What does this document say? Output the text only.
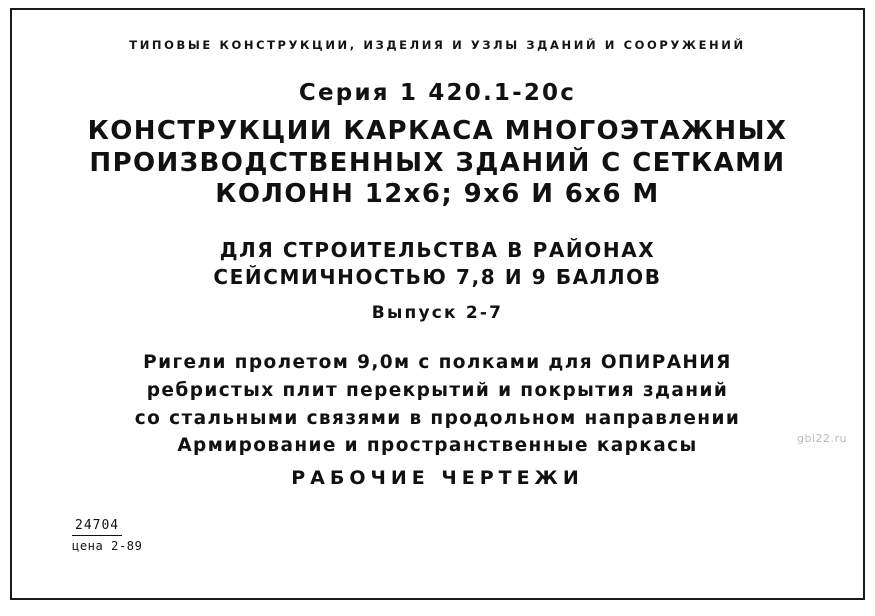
ТИПОВЫЕ КОНСТРУКЦИИ, ИЗДЕЛИЯ И УЗЛЫ ЗДАНИЙ И СООРУЖЕНИЙ
Серия 1 420.1-20с
КОНСТРУКЦИИ КАРКАСА МНОГОЭТАЖНЫХ
ПРОИЗВОДСТВЕННЫХ ЗДАНИЙ С СЕТКАМИ
КОЛОНН 12х6; 9х6 И 6х6 М
ДЛЯ СТРОИТЕЛЬСТВА В РАЙОНАХ
СЕЙСМИЧНОСТЬЮ 7,8 И 9 БАЛЛОВ
Выпуск 2-7
Ригели пролетом 9,0м с полками для ОПИРАНИЯ
ребристых плит перекрытий и покрытия зданий
со стальными связями в продольном направлении
Армирование и пространственные каркасы
РАБОЧИЕ ЧЕРТЕЖИ
24704
цена 2-89
gbi22.ru
